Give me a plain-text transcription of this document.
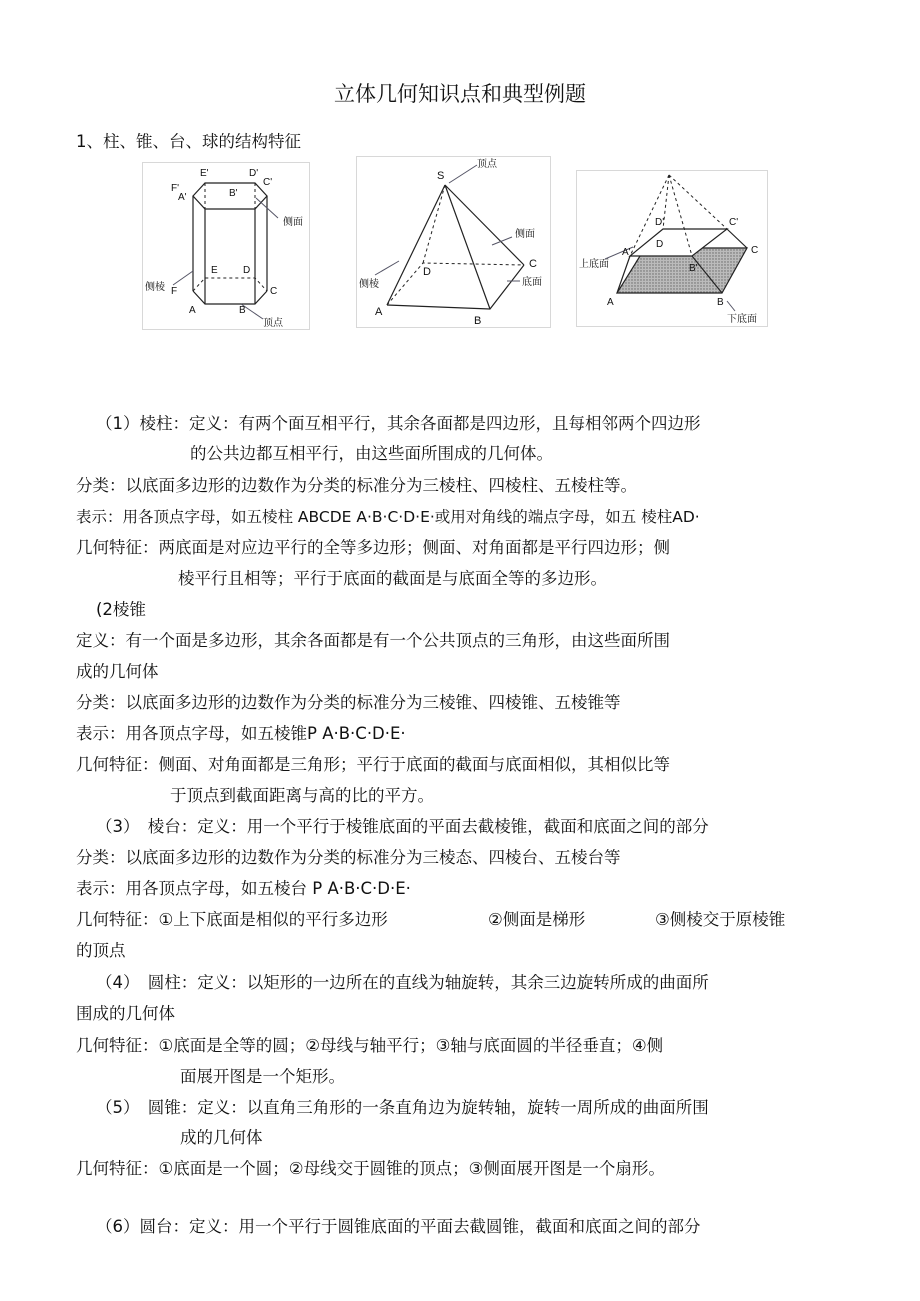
立体几何知识点和典型例题
1、柱、锥、台、球的结构特征
E'	D'
F'
A'	B'
C'
E	D
F
A	B
C
侧面
侧棱
顶点
S
D
C
A
B
顶点
侧面
侧棱	底面
D'	C'
D
A'
B'
C
A	B
上底面
下底面
（1）棱柱：定义：有两个面互相平行，其余各面都是四边形，且每相邻两个四边形
的公共边都互相平行，由这些面所围成的几何体。
分类：以底面多边形的边数作为分类的标准分为三棱柱、四棱柱、五棱柱等。
表示：用各顶点字母，如五棱柱 ABCDE A·B·C·D·E·或用对角线的端点字母，如五 棱柱AD·
几何特征：两底面是对应边平行的全等多边形；侧面、对角面都是平行四边形；侧
棱平行且相等；平行于底面的截面是与底面全等的多边形。
(2棱锥
定义：有一个面是多边形，其余各面都是有一个公共顶点的三角形，由这些面所围
成的几何体
分类：以底面多边形的边数作为分类的标准分为三棱锥、四棱锥、五棱锥等
表示：用各顶点字母，如五棱锥P A·B·C·D·E·
几何特征：侧面、对角面都是三角形；平行于底面的截面与底面相似，其相似比等
于顶点到截面距离与高的比的平方。
（3）　棱台：定义：用一个平行于棱锥底面的平面去截棱锥，截面和底面之间的部分
分类：以底面多边形的边数作为分类的标准分为三棱态、四棱台、五棱台等
表示：用各顶点字母，如五棱台 P A·B·C·D·E·
几何特征：①上下底面是相似的平行多边形	②侧面是梯形	③侧棱交于原棱锥
的顶点
（4）　圆柱：定义：以矩形的一边所在的直线为轴旋转，其余三边旋转所成的曲面所
围成的几何体
几何特征：①底面是全等的圆；②母线与轴平行；③轴与底面圆的半径垂直；④侧
面展开图是一个矩形。
（5）　圆锥：定义：以直角三角形的一条直角边为旋转轴，旋转一周所成的曲面所围
成的几何体
几何特征：①底面是一个圆；②母线交于圆锥的顶点；③侧面展开图是一个扇形。
（6）圆台：定义：用一个平行于圆锥底面的平面去截圆锥，截面和底面之间的部分
